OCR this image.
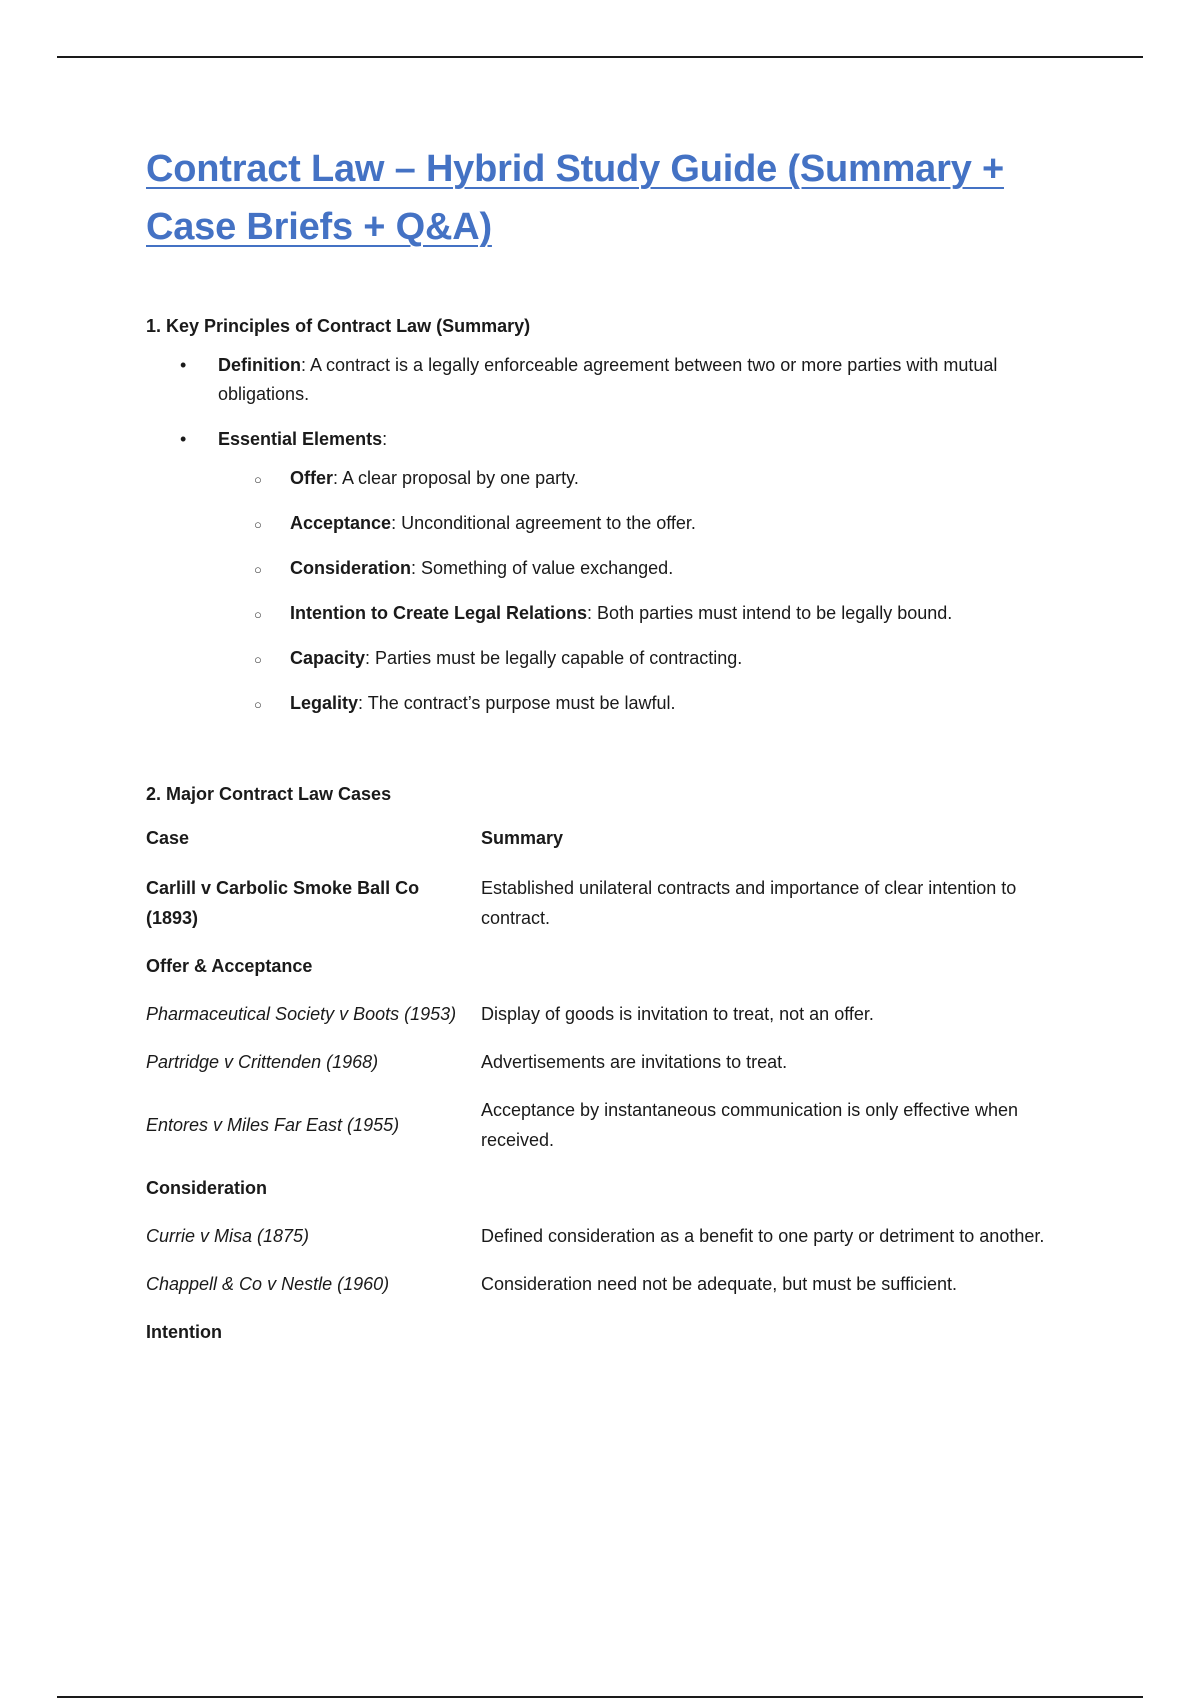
Contract Law – Hybrid Study Guide (Summary + Case Briefs + Q&A)
1. Key Principles of Contract Law (Summary)
• Definition: A contract is a legally enforceable agreement between two or more parties with mutual obligations.
• Essential Elements:
○ Offer: A clear proposal by one party.
○ Acceptance: Unconditional agreement to the offer.
○ Consideration: Something of value exchanged.
○ Intention to Create Legal Relations: Both parties must intend to be legally bound.
○ Capacity: Parties must be legally capable of contracting.
○ Legality: The contract’s purpose must be lawful.
2. Major Contract Law Cases
Case	Summary
Carlill v Carbolic Smoke Ball Co (1893)	Established unilateral contracts and importance of clear intention to contract.
Offer & Acceptance	
Pharmaceutical Society v Boots (1953)	Display of goods is invitation to treat, not an offer.
Partridge v Crittenden (1968)	Advertisements are invitations to treat.
Entores v Miles Far East (1955)	Acceptance by instantaneous communication is only effective when received.
Consideration	
Currie v Misa (1875)	Defined consideration as a benefit to one party or detriment to another.
Chappell & Co v Nestle (1960)	Consideration need not be adequate, but must be sufficient.
Intention	
